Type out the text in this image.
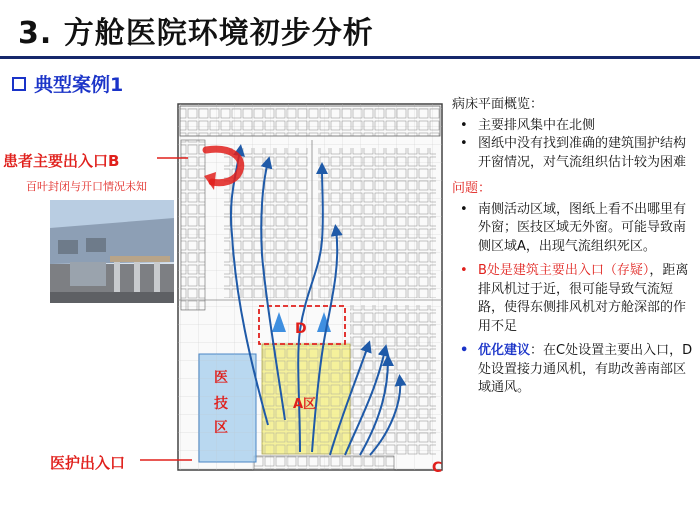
3. 方舱医院环境初步分析
典型案例1
D
A区
医
技
区
C
患者主要出入口B
百叶封闭与开口情况未知
医护出入口
病床平面概览：
• 主要排风集中在北侧
• 图纸中没有找到准确的建筑围护结构开窗情况，对气流组织估计较为困难
问题：
• 南侧活动区域，图纸上看不出哪里有外窗；医技区域无外窗。可能导致南侧区域A，出现气流组织死区。
• B处是建筑主要出入口（存疑），距离排风机过于近，很可能导致气流短路，使得东侧排风机对方舱深部的作用不足
• 优化建议：在C处设置主要出入口，D处设置接力通风机，有助改善南部区域通风。
